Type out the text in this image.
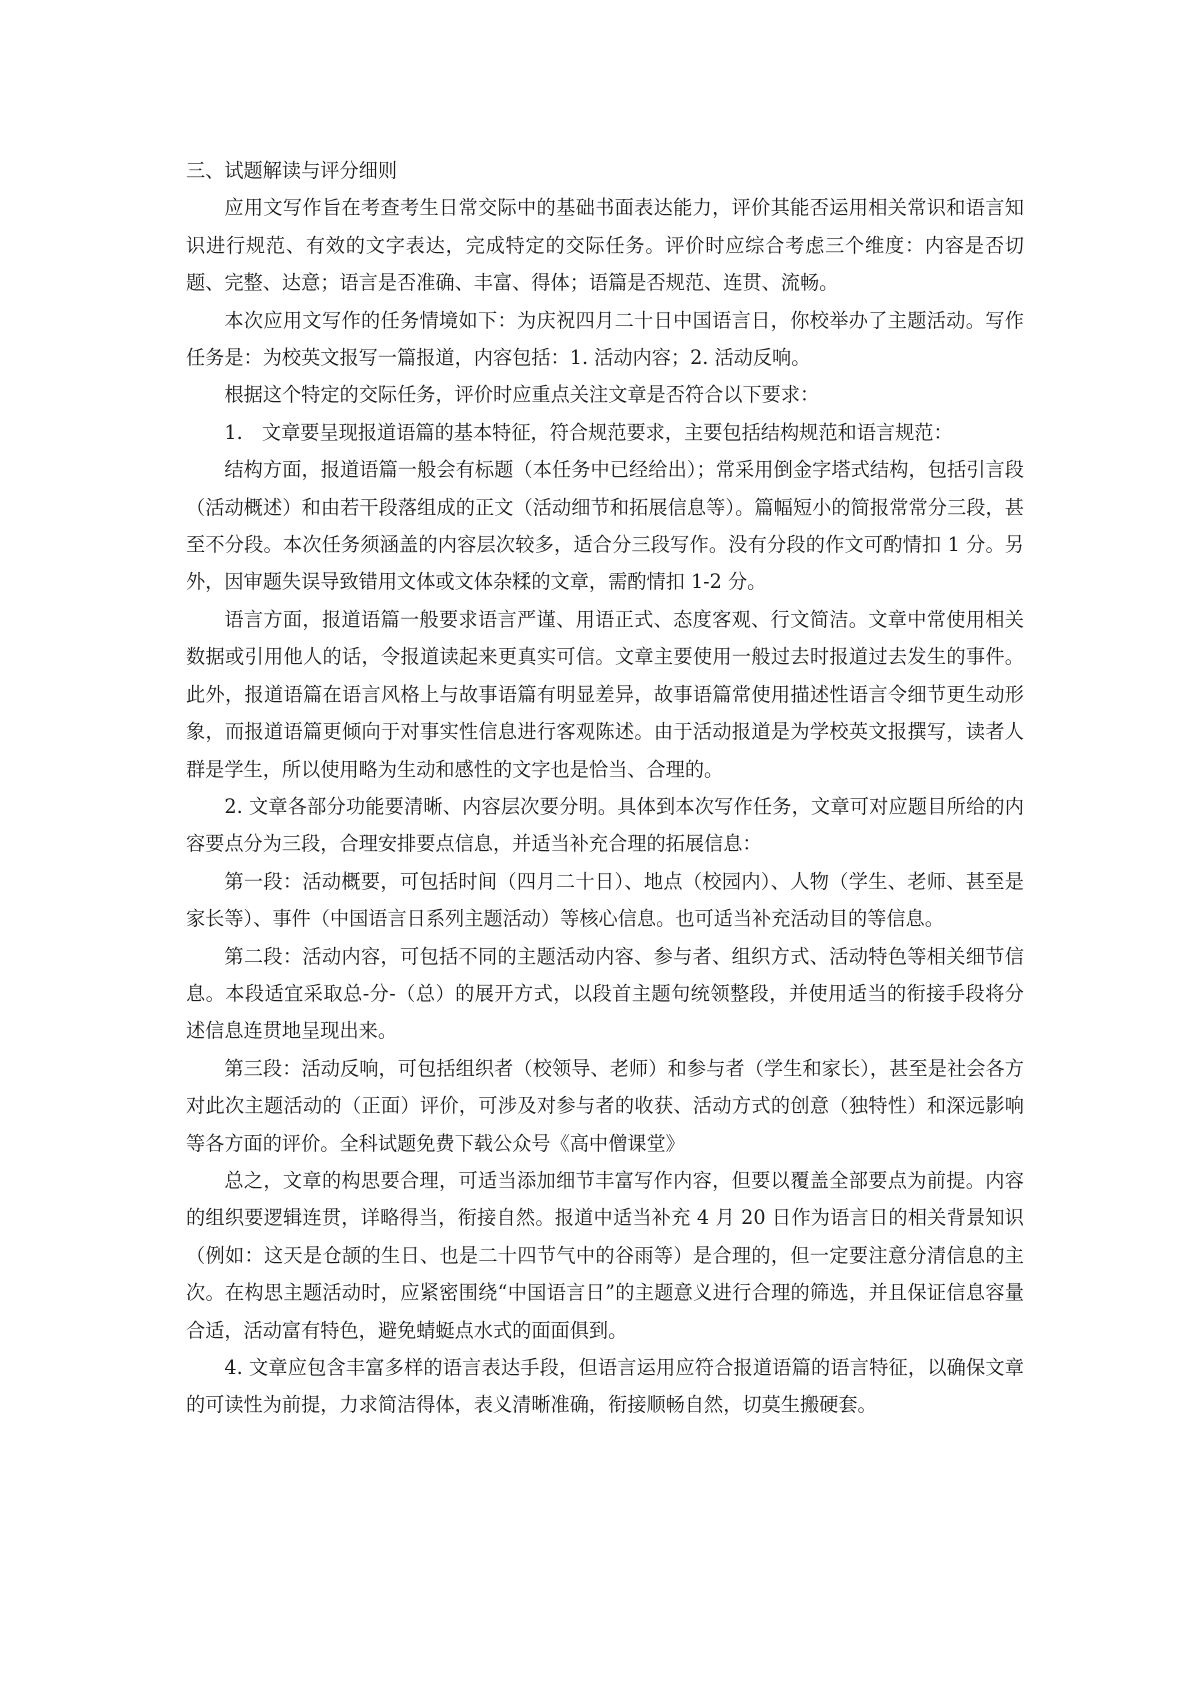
三、试题解读与评分细则

应用文写作旨在考查考生日常交际中的基础书面表达能力，评价其能否运用相关常识和语言知识进行规范、有效的文字表达，完成特定的交际任务。评价时应综合考虑三个维度：内容是否切题、完整、达意；语言是否准确、丰富、得体；语篇是否规范、连贯、流畅。

本次应用文写作的任务情境如下：为庆祝四月二十日中国语言日，你校举办了主题活动。写作任务是：为校英文报写一篇报道，内容包括：1. 活动内容；2. 活动反响。

根据这个特定的交际任务，评价时应重点关注文章是否符合以下要求：

1.　文章要呈现报道语篇的基本特征，符合规范要求，主要包括结构规范和语言规范：

结构方面，报道语篇一般会有标题（本任务中已经给出）；常采用倒金字塔式结构，包括引言段（活动概述）和由若干段落组成的正文（活动细节和拓展信息等）。篇幅短小的简报常常分三段，甚至不分段。本次任务须涵盖的内容层次较多，适合分三段写作。没有分段的作文可酌情扣 1 分。另外，因审题失误导致错用文体或文体杂糅的文章，需酌情扣 1-2 分。

语言方面，报道语篇一般要求语言严谨、用语正式、态度客观、行文简洁。文章中常使用相关数据或引用他人的话，令报道读起来更真实可信。文章主要使用一般过去时报道过去发生的事件。此外，报道语篇在语言风格上与故事语篇有明显差异，故事语篇常使用描述性语言令细节更生动形象，而报道语篇更倾向于对事实性信息进行客观陈述。由于活动报道是为学校英文报撰写，读者人群是学生，所以使用略为生动和感性的文字也是恰当、合理的。

2. 文章各部分功能要清晰、内容层次要分明。具体到本次写作任务，文章可对应题目所给的内容要点分为三段，合理安排要点信息，并适当补充合理的拓展信息：

第一段：活动概要，可包括时间（四月二十日）、地点（校园内）、人物（学生、老师、甚至是家长等）、事件（中国语言日系列主题活动）等核心信息。也可适当补充活动目的等信息。

第二段：活动内容，可包括不同的主题活动内容、参与者、组织方式、活动特色等相关细节信息。本段适宜采取总-分-（总）的展开方式，以段首主题句统领整段，并使用适当的衔接手段将分述信息连贯地呈现出来。

第三段：活动反响，可包括组织者（校领导、老师）和参与者（学生和家长），甚至是社会各方对此次主题活动的（正面）评价，可涉及对参与者的收获、活动方式的创意（独特性）和深远影响等各方面的评价。全科试题免费下载公众号《高中僧课堂》

总之，文章的构思要合理，可适当添加细节丰富写作内容，但要以覆盖全部要点为前提。内容的组织要逻辑连贯，详略得当，衔接自然。报道中适当补充 4 月 20 日作为语言日的相关背景知识（例如：这天是仓颉的生日、也是二十四节气中的谷雨等）是合理的，但一定要注意分清信息的主次。在构思主题活动时，应紧密围绕“中国语言日”的主题意义进行合理的筛选，并且保证信息容量合适，活动富有特色，避免蜻蜓点水式的面面俱到。

4. 文章应包含丰富多样的语言表达手段，但语言运用应符合报道语篇的语言特征，以确保文章的可读性为前提，力求简洁得体，表义清晰准确，衔接顺畅自然，切莫生搬硬套。
